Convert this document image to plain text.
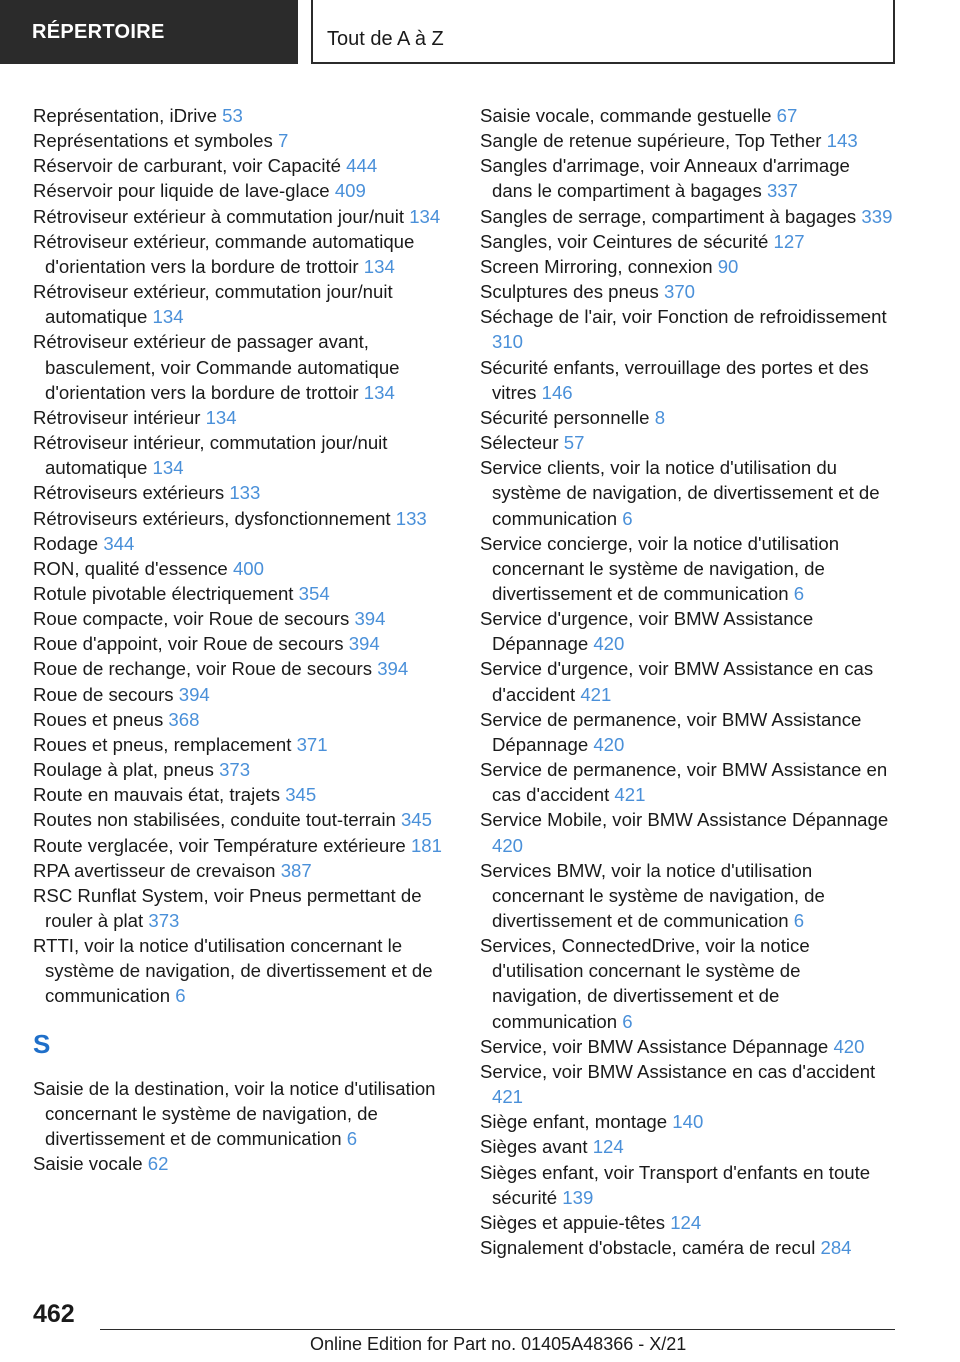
RÉPERTOIRE	Tout de A à Z

Représentation, iDrive 53

Représentations et symboles 7

Réservoir de carburant, voir Capacité 444

Réservoir pour liquide de lave-glace 409

Rétroviseur extérieur à commutation jour/nuit 134

Rétroviseur extérieur, commande automatique d'orientation vers la bordure de trottoir 134

Rétroviseur extérieur, commutation jour/nuit automatique 134

Rétroviseur extérieur de passager avant, basculement, voir Commande automatique d'orientation vers la bordure de trottoir 134

Rétroviseur intérieur 134

Rétroviseur intérieur, commutation jour/nuit automatique 134

Rétroviseurs extérieurs 133

Rétroviseurs extérieurs, dysfonctionnement 133

Rodage 344

RON, qualité d'essence 400

Rotule pivotable électriquement 354

Roue compacte, voir Roue de secours 394

Roue d'appoint, voir Roue de secours 394

Roue de rechange, voir Roue de secours 394

Roue de secours 394

Roues et pneus 368

Roues et pneus, remplacement 371

Roulage à plat, pneus 373

Route en mauvais état, trajets 345

Routes non stabilisées, conduite tout-terrain 345

Route verglacée, voir Température extérieure 181

RPA avertisseur de crevaison 387

RSC Runflat System, voir Pneus permettant de rouler à plat 373

RTTI, voir la notice d'utilisation concernant le système de navigation, de divertissement et de communication 6

S

Saisie de la destination, voir la notice d'utilisation concernant le système de navigation, de divertissement et de communication 6

Saisie vocale 62

Saisie vocale, commande gestuelle 67

Sangle de retenue supérieure, Top Tether 143

Sangles d'arrimage, voir Anneaux d'arrimage dans le compartiment à bagages 337

Sangles de serrage, compartiment à bagages 339

Sangles, voir Ceintures de sécurité 127

Screen Mirroring, connexion 90

Sculptures des pneus 370

Séchage de l'air, voir Fonction de refroidissement 310

Sécurité enfants, verrouillage des portes et des vitres 146

Sécurité personnelle 8

Sélecteur 57

Service clients, voir la notice d'utilisation du système de navigation, de divertissement et de communication 6

Service concierge, voir la notice d'utilisation concernant le système de navigation, de divertissement et de communication 6

Service d'urgence, voir BMW Assistance Dépannage 420

Service d'urgence, voir BMW Assistance en cas d'accident 421

Service de permanence, voir BMW Assistance Dépannage 420

Service de permanence, voir BMW Assistance en cas d'accident 421

Service Mobile, voir BMW Assistance Dépannage 420

Services BMW, voir la notice d'utilisation concernant le système de navigation, de divertissement et de communication 6

Services, ConnectedDrive, voir la notice d'utilisation concernant le système de navigation, de divertissement et de communication 6

Service, voir BMW Assistance Dépannage 420

Service, voir BMW Assistance en cas d'accident 421

Siège enfant, montage 140

Sièges avant 124

Sièges enfant, voir Transport d'enfants en toute sécurité 139

Sièges et appuie-têtes 124

Signalement d'obstacle, caméra de recul 284

462
Online Edition for Part no. 01405A48366 - X/21
